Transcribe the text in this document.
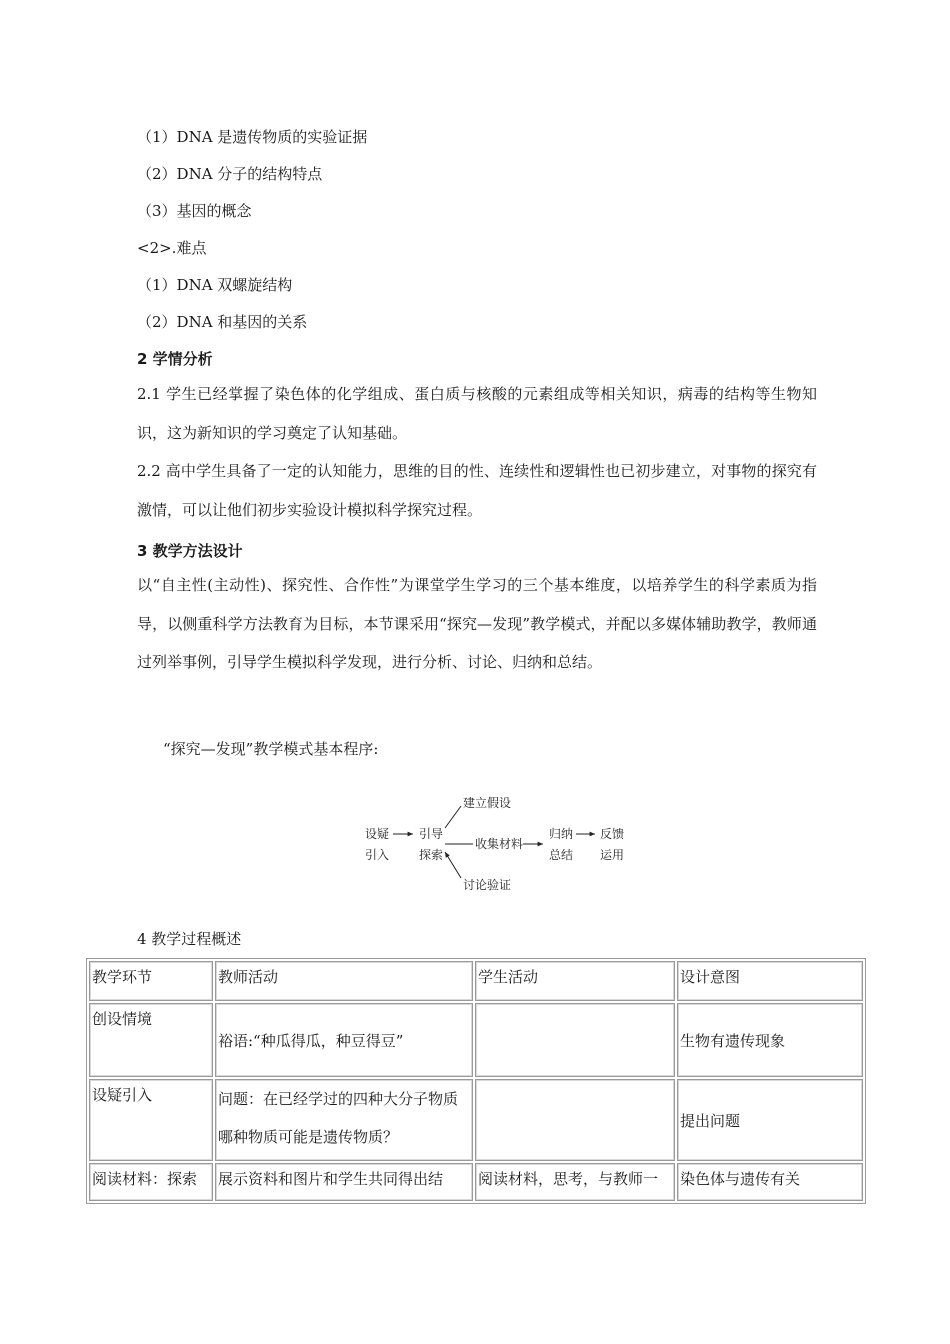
（1）DNA 是遗传物质的实验证据
（2）DNA 分子的结构特点
（3）基因的概念
<2>.难点
（1）DNA 双螺旋结构
（2）DNA 和基因的关系
2 学情分析
2.1 学生已经掌握了染色体的化学组成、蛋白质与核酸的元素组成等相关知识，病毒的结构等生物知识，这为新知识的学习奠定了认知基础。
2.2 高中学生具备了一定的认知能力，思维的目的性、连续性和逻辑性也已初步建立，对事物的探究有激情，可以让他们初步实验设计模拟科学探究过程。
3 教学方法设计
以“自主性(主动性)、探究性、合作性”为课堂学生学习的三个基本维度，以培养学生的科学素质为指导，以侧重科学方法教育为目标，本节课采用“探究—发现”教学模式，并配以多媒体辅助教学，教师通过列举事例，引导学生模拟科学发现，进行分析、讨论、归纳和总结。
“探究—发现”教学模式基本程序:
设疑
引入
引导
探索
建立假设
收集材料
讨论验证
归纳
总结
反馈
运用
4 教学过程概述
教学环节	教师活动	学生活动	设计意图
创设情境	裕语:“种瓜得瓜，种豆得豆”		生物有遗传现象
设疑引入	问题：在已经学过的四种大分子物质哪种物质可能是遗传物质？		提出问题
阅读材料：探索	展示资料和图片和学生共同得出结	阅读材料，思考，与教师一	染色体与遗传有关
